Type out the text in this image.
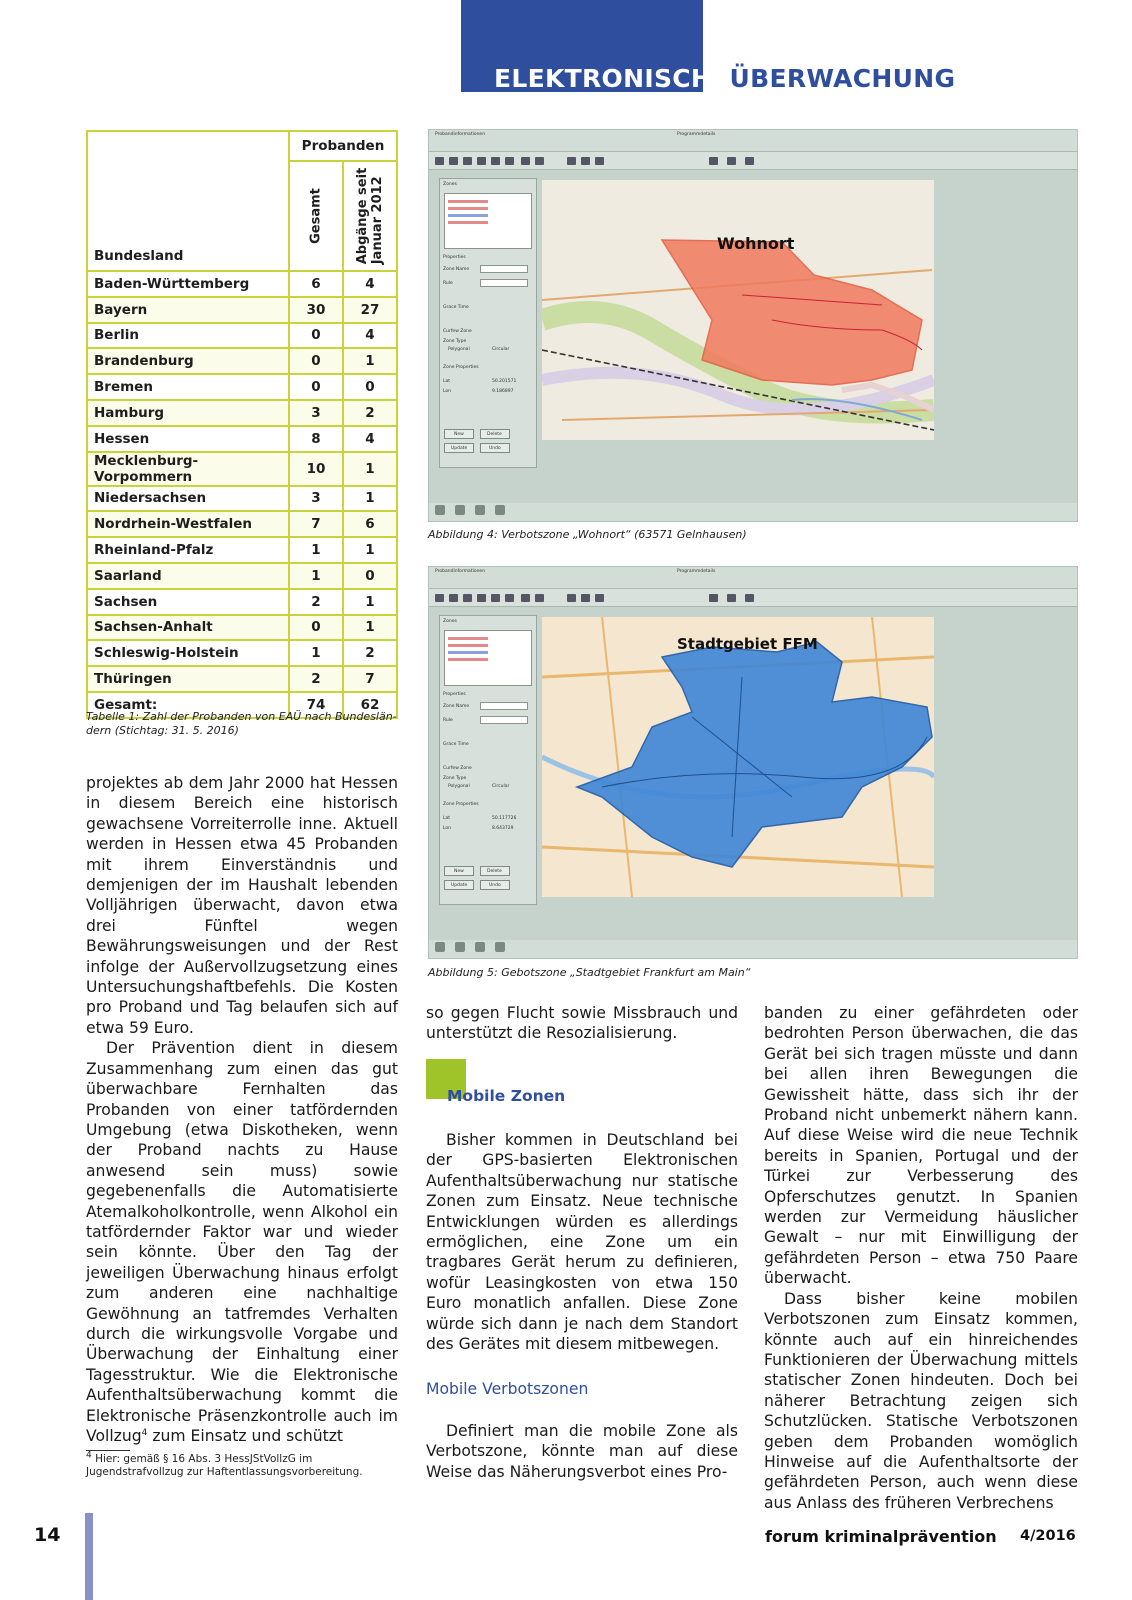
ELEKTRONISCHEÜBERWACHUNG
Bundesland	Probanden	

	Gesamt	Abgänge seit
Januar 2012

Baden-Württemberg	6	4
Bayern	30	27
Berlin	0	4
Brandenburg	0	1
Bremen	0	0
Hamburg	3	2
Hessen	8	4
Mecklenburg-Vorpommern	10	1
Niedersachsen	3	1
Nordrhein-Westfalen	7	6
Rheinland-Pfalz	1	1
Saarland	1	0
Sachsen	2	1
Sachsen-Anhalt	0	1
Schleswig-Holstein	1	2
Thüringen	2	7
Gesamt:	74	62
Tabelle 1: Zahl der Probanden von EAÜ nach Bundeslän-
dern (Stichtag: 31. 5. 2016)
Probandinformationen	Programmdetails
Zones
Properties
Zone Name
Rule
Grace Time
Curfew Zone
Zone Type
Polygonal	Circular
Zone Properties
Lat	50.201571
Lon	9.186897
New	Delete
Update	Undo
Wohnort
Abbildung 4: Verbotszone „Wohnort“ (63571 Gelnhausen)
Probandinformationen	Programmdetails
Zones
Properties
Zone Name
Rule
Grace Time
Curfew Zone
Zone Type
Polygonal	Circular
Zone Properties
Lat	50.117726
Lon	8.643729
New	Delete
Update	Undo
Stadtgebiet FFM
Abbildung 5: Gebotszone „Stadtgebiet Frankfurt am Main“

projektes ab dem Jahr 2000 hat Hessen in diesem Bereich eine historisch gewachsene Vorreiterrolle inne. Aktuell werden in Hessen etwa 45 Probanden mit ihrem Einverständnis und demjenigen der im Haushalt lebenden Volljährigen überwacht, davon etwa drei Fünftel wegen Bewährungsweisungen und der Rest infolge der Außervollzugsetzung eines Untersuchungshaftbefehls. Die Kosten pro Proband und Tag belaufen sich auf etwa 59 Euro.

Der Prävention dient in diesem Zusammenhang zum einen das gut überwachbare Fernhalten das Probanden von einer tatfördernden Umgebung (etwa Diskotheken, wenn der Proband nachts zu Hause anwesend sein muss) sowie gegebenenfalls die Automatisierte Atemalkoholkontrolle, wenn Alkohol ein tatfördernder Faktor war und wieder sein könnte. Über den Tag der jeweiligen Überwachung hinaus erfolgt zum anderen eine nachhaltige Gewöhnung an tatfremdes Verhalten durch die wirkungsvolle Vorgabe und Überwachung der Einhaltung einer Tagesstruktur. Wie die Elektronische Aufenthaltsüberwachung kommt die Elektronische Präsenzkontrolle auch im Vollzug$^4$ zum Einsatz und schützt

$^4$ Hier: gemäß § 16 Abs. 3 HessJStVollzG im Jugendstrafvollzug zur Haftentlassungsvorbereitung.

so gegen Flucht sowie Missbrauch und unterstützt die Resozialisierung.

Mobile Zonen

Bisher kommen in Deutschland bei der GPS-basierten Elektronischen Aufenthaltsüberwachung nur statische Zonen zum Einsatz. Neue technische Entwicklungen würden es allerdings ermöglichen, eine Zone um ein tragbares Gerät herum zu definieren, wofür Leasingkosten von etwa 150 Euro monatlich anfallen. Diese Zone würde sich dann je nach dem Standort des Gerätes mit diesem mitbewegen.

Mobile Verbotszonen

Definiert man die mobile Zone als Verbotszone, könnte man auf diese Weise das Näherungsverbot eines Pro-

banden zu einer gefährdeten oder bedrohten Person überwachen, die das Gerät bei sich tragen müsste und dann bei allen ihren Bewegungen die Gewissheit hätte, dass sich ihr der Proband nicht unbemerkt nähern kann. Auf diese Weise wird die neue Technik bereits in Spanien, Portugal und der Türkei zur Verbesserung des Opferschutzes genutzt. In Spanien werden zur Vermeidung häuslicher Gewalt – nur mit Einwilligung der gefährdeten Person – etwa 750 Paare überwacht.

Dass bisher keine mobilen Verbotszonen zum Einsatz kommen, könnte auch auf ein hinreichendes Funktionieren der Überwachung mittels statischer Zonen hindeuten. Doch bei näherer Betrachtung zeigen sich Schutzlücken. Statische Verbotszonen geben dem Probanden womöglich Hinweise auf die Aufenthaltsorte der gefährdeten Person, auch wenn diese aus Anlass des früheren Verbrechens

14	forum kriminalprävention 4/2016
